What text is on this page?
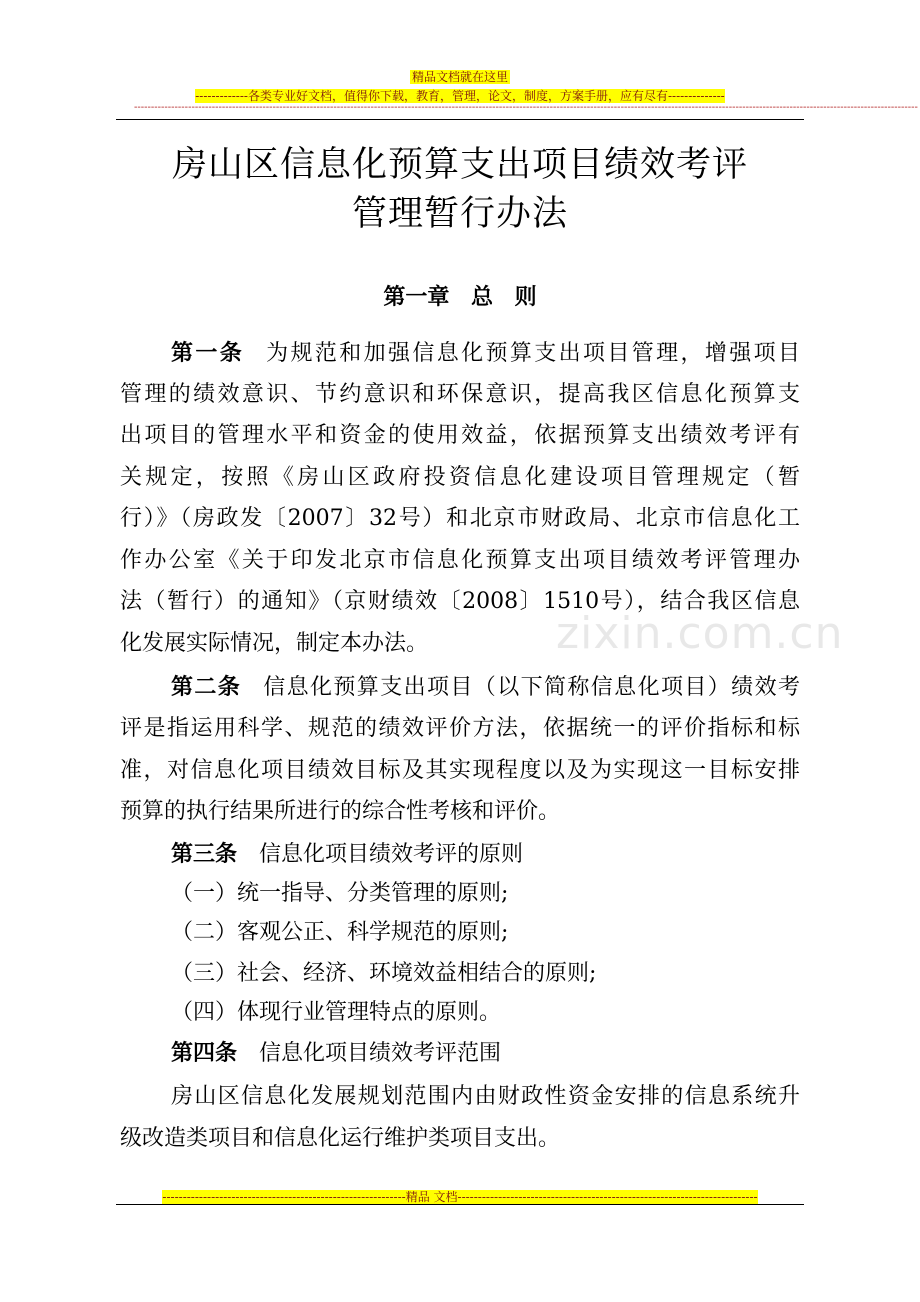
精品文档就在这里
-------------各类专业好文档，值得你下载，教育，管理，论文，制度，方案手册，应有尽有--------------
----------------------------------------------------------------------------------------------------------------------------------------------------------------------------------------------------------------------------------------
房山区信息化预算支出项目绩效考评
管理暂行办法
第一章 总 则
第一条 为规范和加强信息化预算支出项目管理，增强项目
管理的绩效意识、节约意识和环保意识，提高我区信息化预算支
出项目的管理水平和资金的使用效益，依据预算支出绩效考评有
关规定，按照《房山区政府投资信息化建设项目管理规定（暂
行）》（房政发〔2007〕32号）和北京市财政局、北京市信息化工
作办公室《关于印发北京市信息化预算支出项目绩效考评管理办
法（暂行）的通知》（京财绩效〔2008〕1510号），结合我区信息
化发展实际情况，制定本办法。
第二条 信息化预算支出项目（以下简称信息化项目）绩效考
评是指运用科学、规范的绩效评价方法，依据统一的评价指标和标
准，对信息化项目绩效目标及其实现程度以及为实现这一目标安排
预算的执行结果所进行的综合性考核和评价。
第三条 信息化项目绩效考评的原则
（一）统一指导、分类管理的原则;
（二）客观公正、科学规范的原则;
（三）社会、经济、环境效益相结合的原则;
（四）体现行业管理特点的原则。
第四条 信息化项目绩效考评范围
房山区信息化发展规划范围内由财政性资金安排的信息系统升
级改造类项目和信息化运行维护类项目支出。
zixin.com.cn
------------------------------------------------------------精品 文档--------------------------------------------------------------------------
